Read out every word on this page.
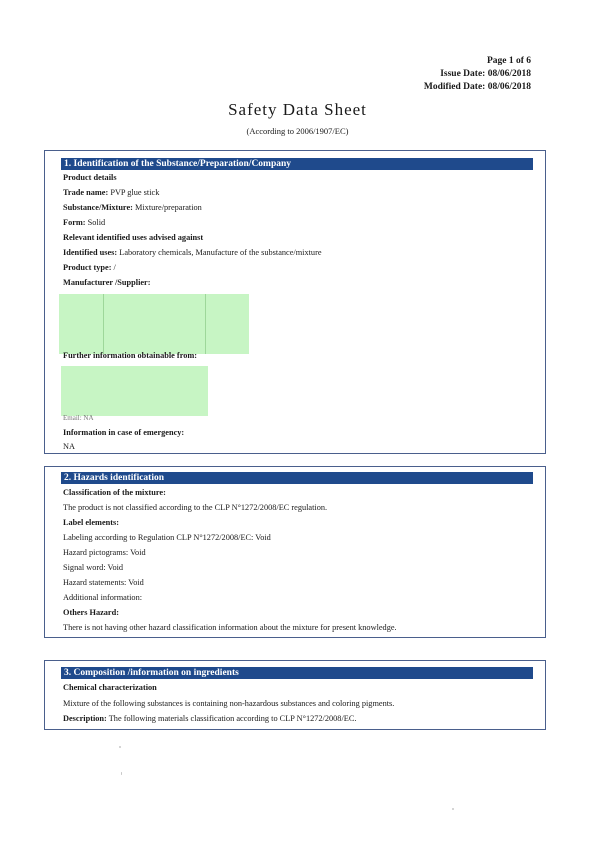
Page 1 of 6
Issue Date: 08/06/2018
Modified Date: 08/06/2018
Safety Data Sheet
(According to 2006/1907/EC)
1. Identification of the Substance/Preparation/Company
Product details
Trade name: PVP glue stick
Substance/Mixture: Mixture/preparation
Form: Solid
Relevant identified uses advised against
Identified uses: Laboratory chemicals, Manufacture of the substance/mixture
Product type: /
Manufacturer /Supplier:
Further information obtainable from:
Email: NA
Information in case of emergency:
NA
2. Hazards identification
Classification of the mixture:
The product is not classified according to the CLP N°1272/2008/EC regulation.
Label elements:
Labeling according to Regulation CLP N°1272/2008/EC: Void
Hazard pictograms: Void
Signal word: Void
Hazard statements: Void
Additional information:
Others Hazard:
There is not having other hazard classification information about the mixture for present knowledge.
3. Composition /information on ingredients
Chemical characterization
Mixture of the following substances is containing non-hazardous substances and coloring pigments.
Description: The following materials classification according to CLP N°1272/2008/EC.
